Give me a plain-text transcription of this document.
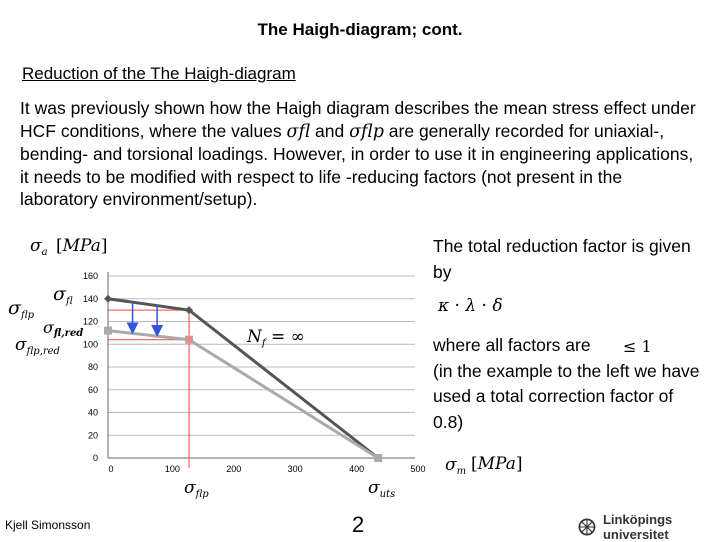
The Haigh-diagram; cont.
Reduction of the The Haigh-diagram
It was previously shown how the Haigh diagram describes the mean stress effect under HCF conditions, where the values σfl and σflp are generally recorded for uniaxial-, bending- and torsional loadings. However, in order to use it in engineering applications, it needs to be modified with respect to life -reducing factors (not present in the laboratory environment/setup).
0	100	200	300	400	500
0
20
40
60
80
100
120
140
160
$\sigma_a$ [MPa]
$\sigma_m$ [MPa]
$\sigma_{flp}$
$\sigma_{fl}$
σfl,red
$\sigma_{flp,red}$
$\sigma_{flp}$	$\sigma_{uts}$
$N_f$ = ∞
κ · λ · δ
≤ 1
The total reduction factor is given by
where all factors are
(in the example to the left we have used a total correction factor of 0.8)
Kjell Simonsson	2	Linköpings universitet
